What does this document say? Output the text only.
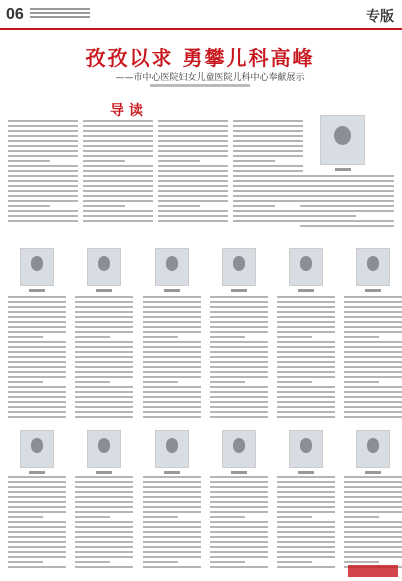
06	专版
孜孜以求 勇攀儿科高峰
——市中心医院妇女儿童医院儿科中心奉献展示
导 读
